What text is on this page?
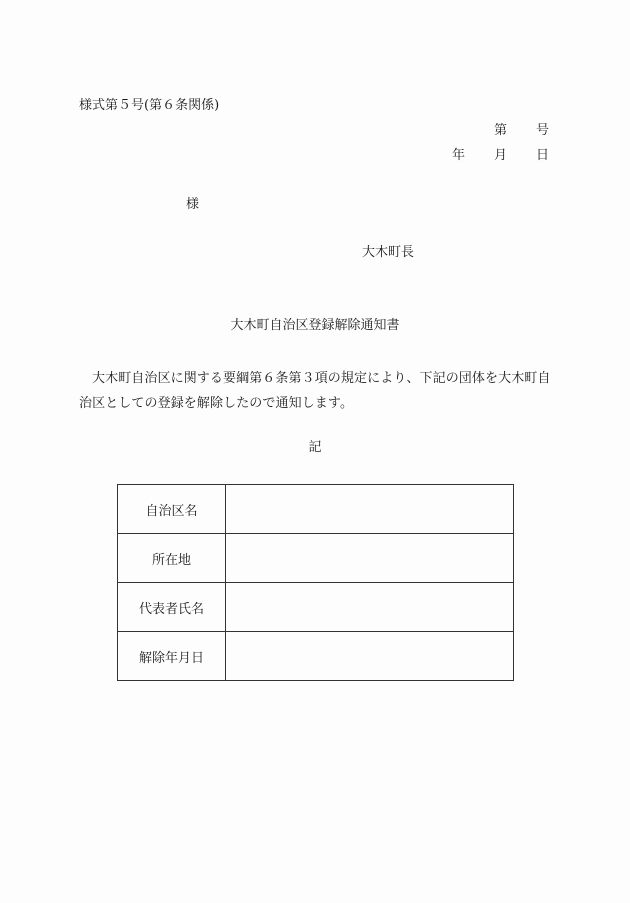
様式第５号(第６条関係)
第 号
年 月 日
様
大木町長
大木町自治区登録解除通知書
大木町自治区に関する要綱第６条第３項の規定により、下記の団体を大木町自治区としての登録を解除したので通知します。
記
自治区名	
所在地	
代表者氏名	
解除年月日	
